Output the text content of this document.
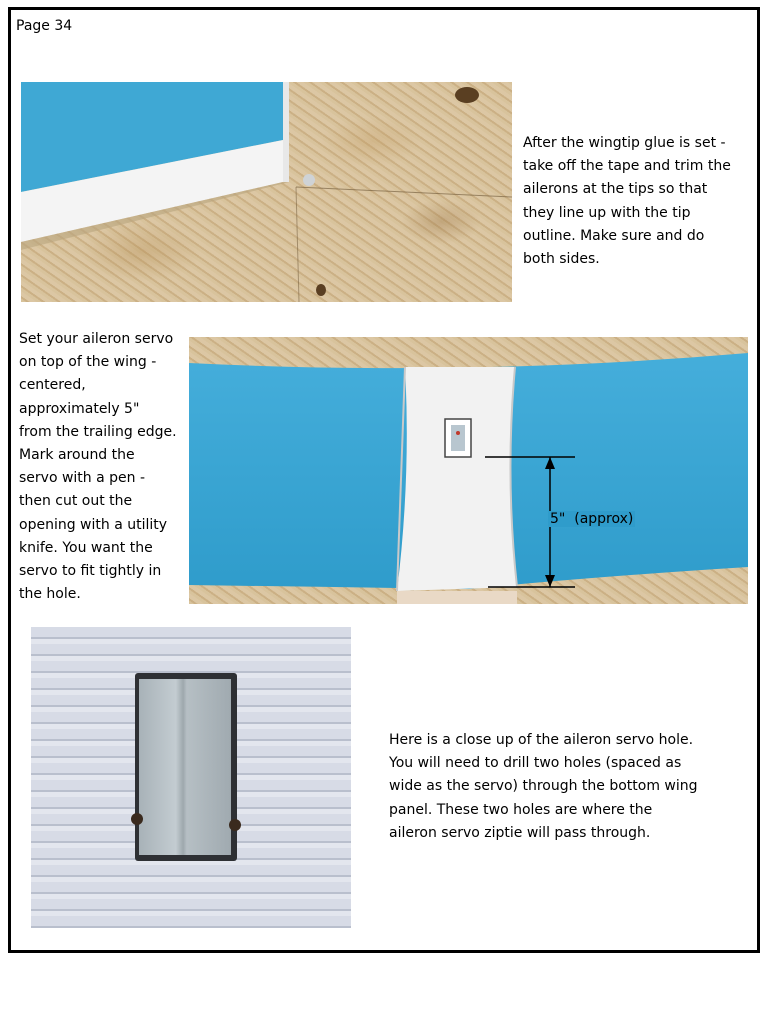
Page 34
After the wingtip glue is set -
take off the tape and trim the
ailerons at the tips so that
they line up with the tip
outline. Make sure and do
both sides.
Set your aileron servo
on top of the wing -
centered,
approximately 5"
from the trailing edge.
Mark around the
servo with a pen -
then cut out the
opening with a utility
knife. You want the
servo to fit tightly in
the hole.
5"  (approx)
Here is a close up of the aileron servo hole.
You will need to drill two holes (spaced as
wide as the servo) through the bottom wing
panel. These two holes are where the
aileron servo ziptie will pass through.
